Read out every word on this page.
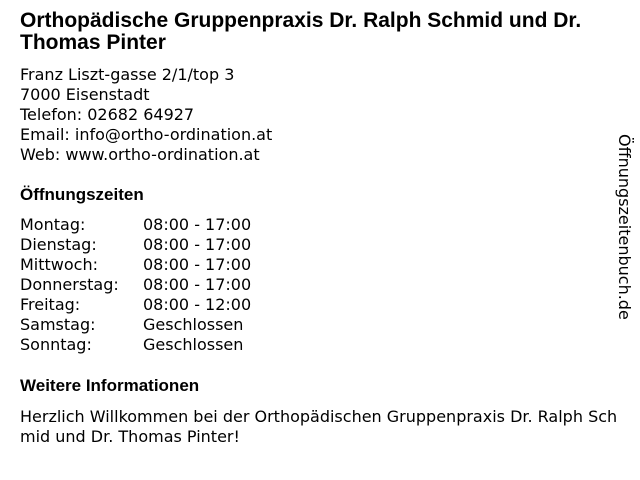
Orthopädische Gruppenpraxis Dr. Ralph Schmid und Dr. Thomas Pinter
Franz Liszt-gasse 2/1/top 3
7000 Eisenstadt
Telefon: 02682 64927
Email: info@ortho-ordination.at
Web: www.ortho-ordination.at
Öffnungszeiten
Montag:	08:00 - 17:00
Dienstag:	08:00 - 17:00
Mittwoch:	08:00 - 17:00
Donnerstag:	08:00 - 17:00
Freitag:	08:00 - 12:00
Samstag:	Geschlossen
Sonntag:	Geschlossen
Weitere Informationen
Herzlich Willkommen bei der Orthopädischen Gruppenpraxis Dr. Ralph Schmid und Dr. Thomas Pinter!
Öffnungszeitenbuch.de
